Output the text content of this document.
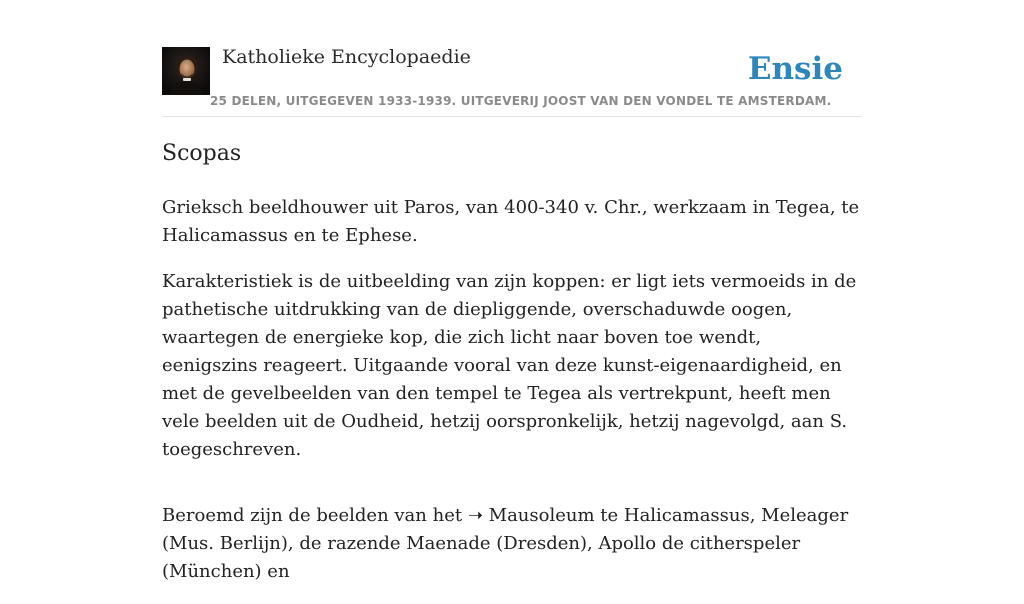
Katholieke Encyclopaedie
25 DELEN, UITGEGEVEN 1933-1939. UITGEVERIJ JOOST VAN DEN VONDEL TE AMSTERDAM.
Ensie
Scopas

Grieksch beeldhouwer uit Paros, van 400-340 v. Chr., werkzaam in Tegea, te Halicamassus en te Ephese.

Karakteristiek is de uitbeelding van zijn koppen: er ligt iets vermoeids in de pathetische uitdrukking van de diepliggende, overschaduwde oogen, waartegen de energieke kop, die zich licht naar boven toe wendt, eenigszins reageert. Uitgaande vooral van deze kunst-eigenaardigheid, en met de gevelbeelden van den tempel te Tegea als vertrekpunt, heeft men vele beelden uit de Oudheid, hetzij oorspronkelijk, hetzij nagevolgd, aan S. toegeschreven.

Beroemd zijn de beelden van het ➝ Mausoleum te Halicamassus, Meleager (Mus. Berlijn), de razende Maenade (Dresden), Apollo de citherspeler (München) en
